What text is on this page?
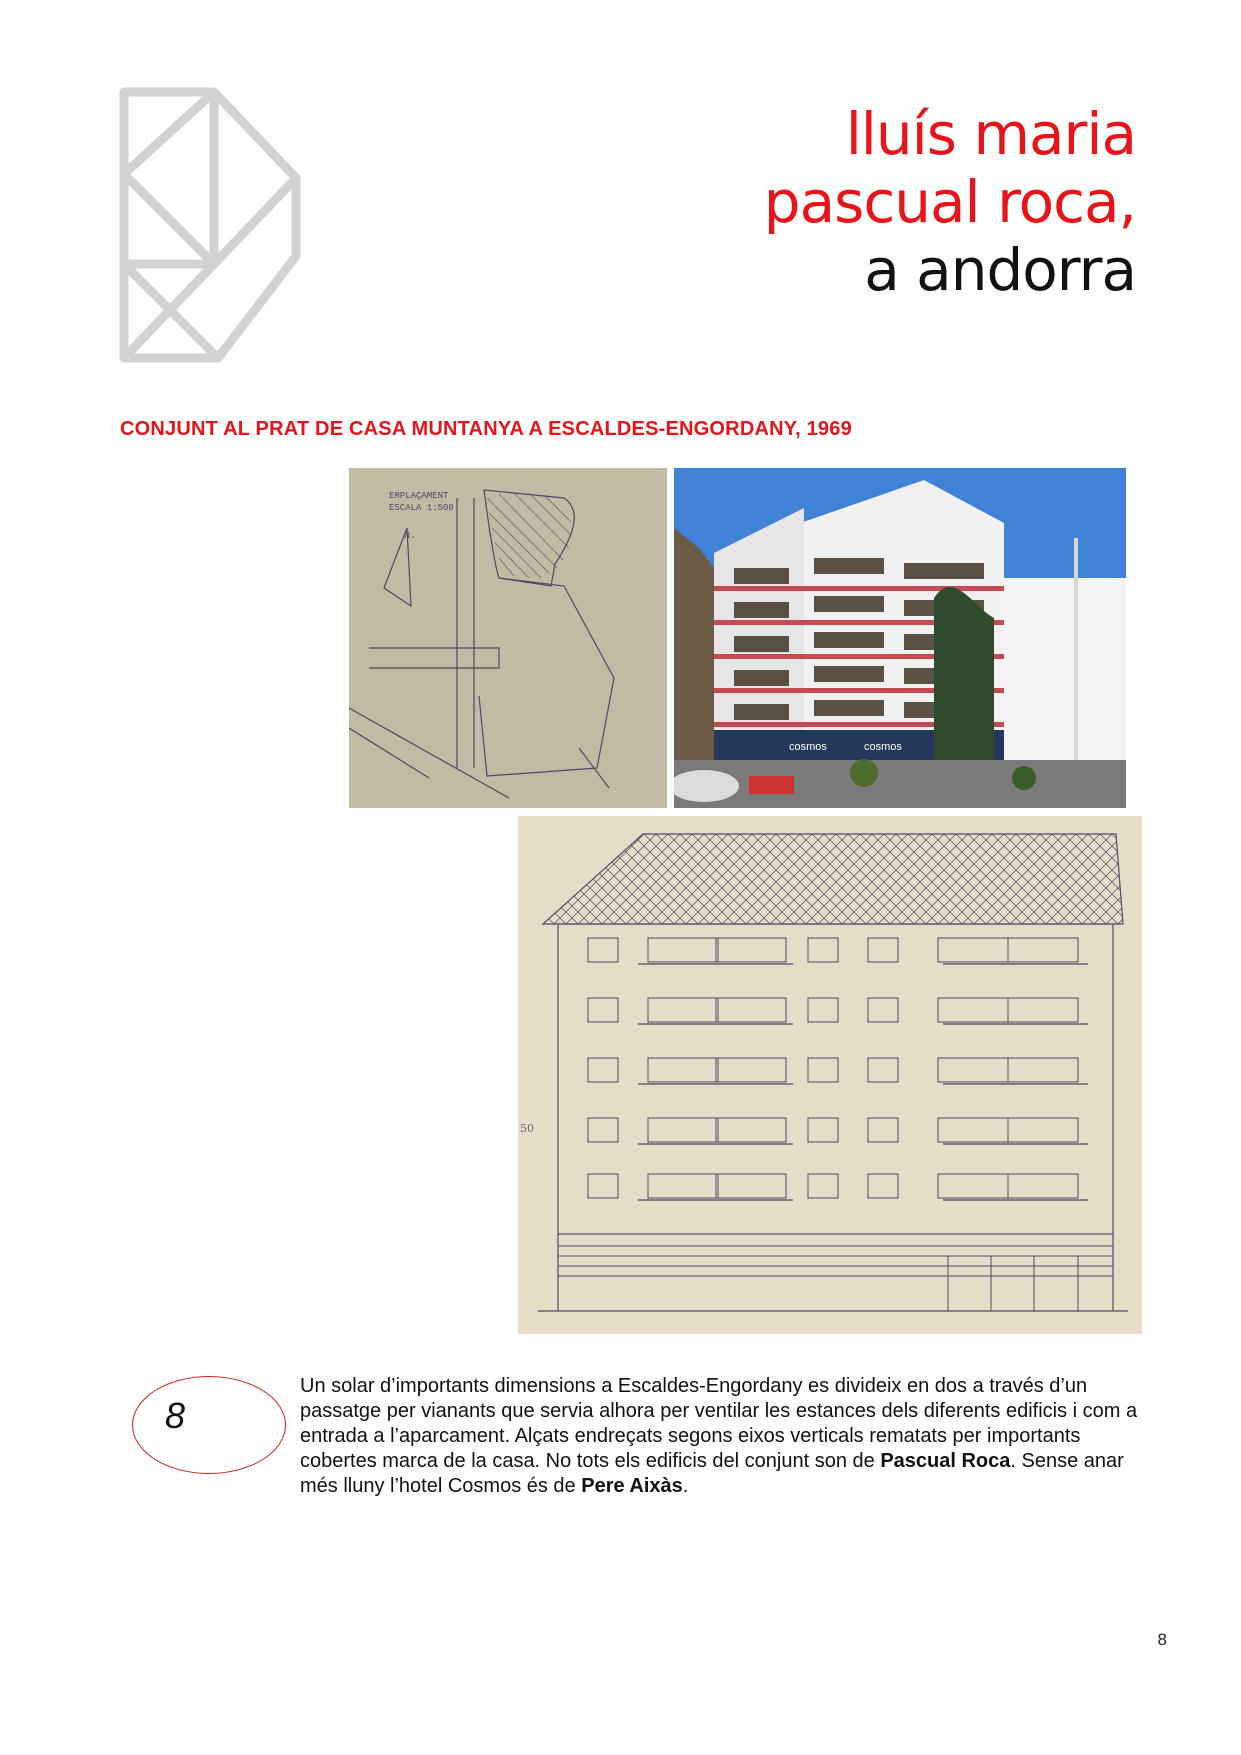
lluís maria
pascual roca,
a andorra
CONJUNT AL PRAT DE CASA MUNTANYA A ESCALDES-ENGORDANY, 1969
EMPLAÇAMENT
ESCALA 1:500
N.
cosmos	cosmos
50
8

Un solar d’importants dimensions a Escaldes-Engordany es divideix en dos a través d’un passatge per vianants que servia alhora per ventilar les estances dels diferents edificis i com a entrada a l’aparcament. Alçats endreçats segons eixos verticals rematats per importants cobertes marca de la casa. No tots els edificis del conjunt son de Pascual Roca. Sense anar més lluny l’hotel Cosmos és de Pere Aixàs.

8
